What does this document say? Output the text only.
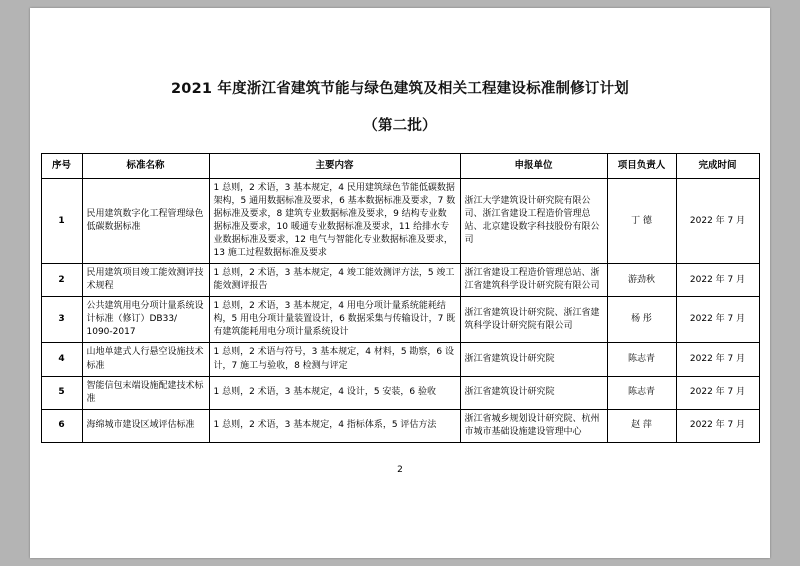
2021 年度浙江省建筑节能与绿色建筑及相关工程建设标准制修订计划
（第二批）
序号	标准名称	主要内容	申报单位	项目负责人	完成时间
1	民用建筑数字化工程管理绿色低碳数据标准	1 总则，2 术语，3 基本规定，4 民用建筑绿色节能低碳数据架构，5 通用数据标准及要求，6 基本数据标准及要求，7 数据标准及要求，8 建筑专业数据标准及要求，9 结构专业数据标准及要求，10 暖通专业数据标准及要求，11 给排水专业数据标准及要求，12 电气与智能化专业数据标准及要求，13 施工过程数据标准及要求	浙江大学建筑设计研究院有限公司、浙江省建设工程造价管理总站、北京建设数字科技股份有限公司	丁 德	2022 年 7 月
2	民用建筑项目竣工能效测评技术规程	1 总则，2 术语，3 基本规定，4 竣工能效测评方法，5 竣工能效测评报告	浙江省建设工程造价管理总站、浙江省建筑科学设计研究院有限公司	游劲秋	2022 年 7 月
3	公共建筑用电分项计量系统设计标准（修订）DB33/ 1090-2017	1 总则，2 术语，3 基本规定，4 用电分项计量系统能耗结构，5 用电分项计量装置设计，6 数据采集与传输设计，7 既有建筑能耗用电分项计量系统设计	浙江省建筑设计研究院、浙江省建筑科学设计研究院有限公司	杨 彤	2022 年 7 月
4	山地单建式人行悬空设施技术标准	1 总则，2 术语与符号，3 基本规定，4 材料，5 勘察，6 设计，7 施工与验收，8 检测与评定	浙江省建筑设计研究院	陈志青	2022 年 7 月
5	智能信包末端设施配建技术标准	1 总则，2 术语，3 基本规定，4 设计，5 安装，6 验收	浙江省建筑设计研究院	陈志青	2022 年 7 月
6	海绵城市建设区域评估标准	1 总则，2 术语，3 基本规定，4 指标体系，5 评估方法	浙江省城乡规划设计研究院、杭州市城市基础设施建设管理中心	赵 萍	2022 年 7 月
2
